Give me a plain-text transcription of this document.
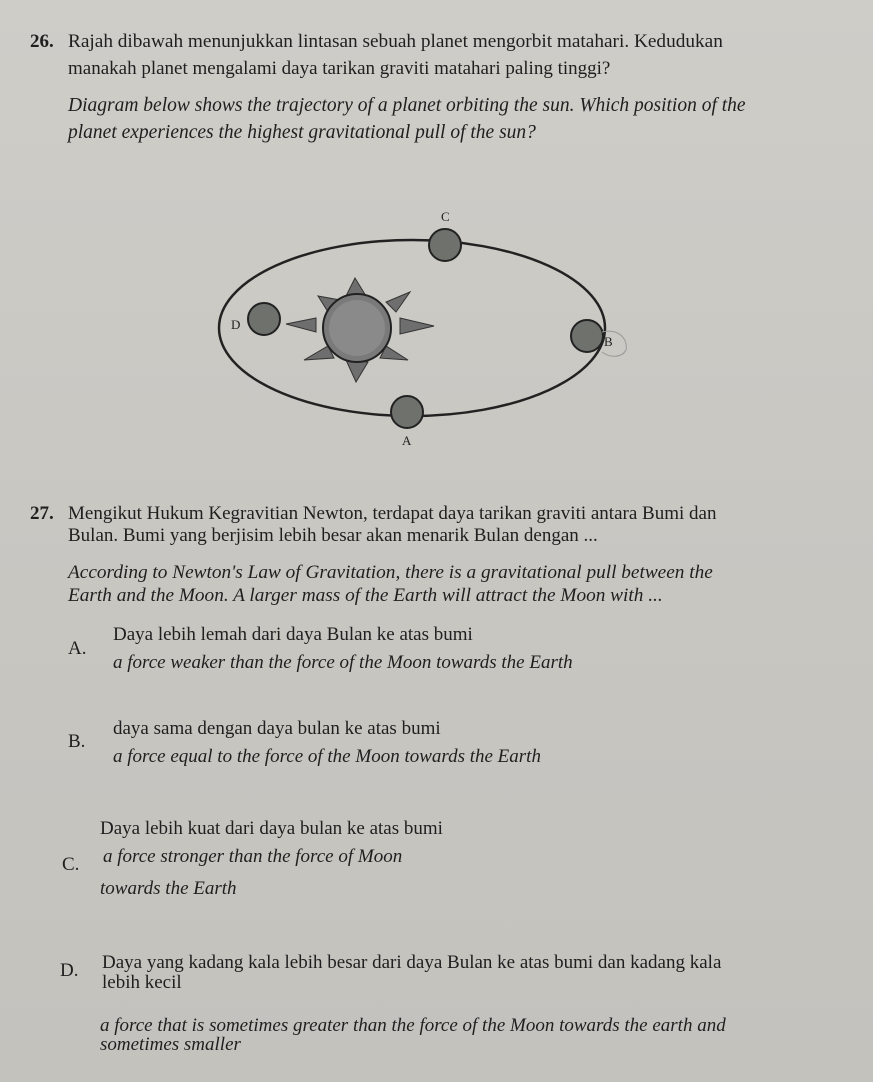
26. Rajah dibawah menunjukkan lintasan sebuah planet mengorbit matahari. Kedudukan
manakah planet mengalami daya tarikan graviti matahari paling tinggi?
Diagram below shows the trajectory of a planet orbiting the sun. Which position of the
planet experiences the highest gravitational pull of the sun?
C
D
B
A
27. Mengikut Hukum Kegravitian Newton, terdapat daya tarikan graviti antara Bumi dan
Bulan. Bumi yang berjisim lebih besar akan menarik Bulan dengan ...
According to Newton's Law of Gravitation, there is a gravitational pull between the
Earth and the Moon. A larger mass of the Earth will attract the Moon with ...
A.
Daya lebih lemah dari daya Bulan ke atas bumi
a force weaker than the force of the Moon towards the Earth
B.
daya sama dengan daya bulan ke atas bumi
a force equal to the force of the Moon towards the Earth
Daya lebih kuat dari daya bulan ke atas bumi
C. a force stronger than the force of Moon
towards the Earth
D. Daya yang kadang kala lebih besar dari daya Bulan ke atas bumi dan kadang kala
lebih kecil
a force that is sometimes greater than the force of the Moon towards the earth and
sometimes smaller
